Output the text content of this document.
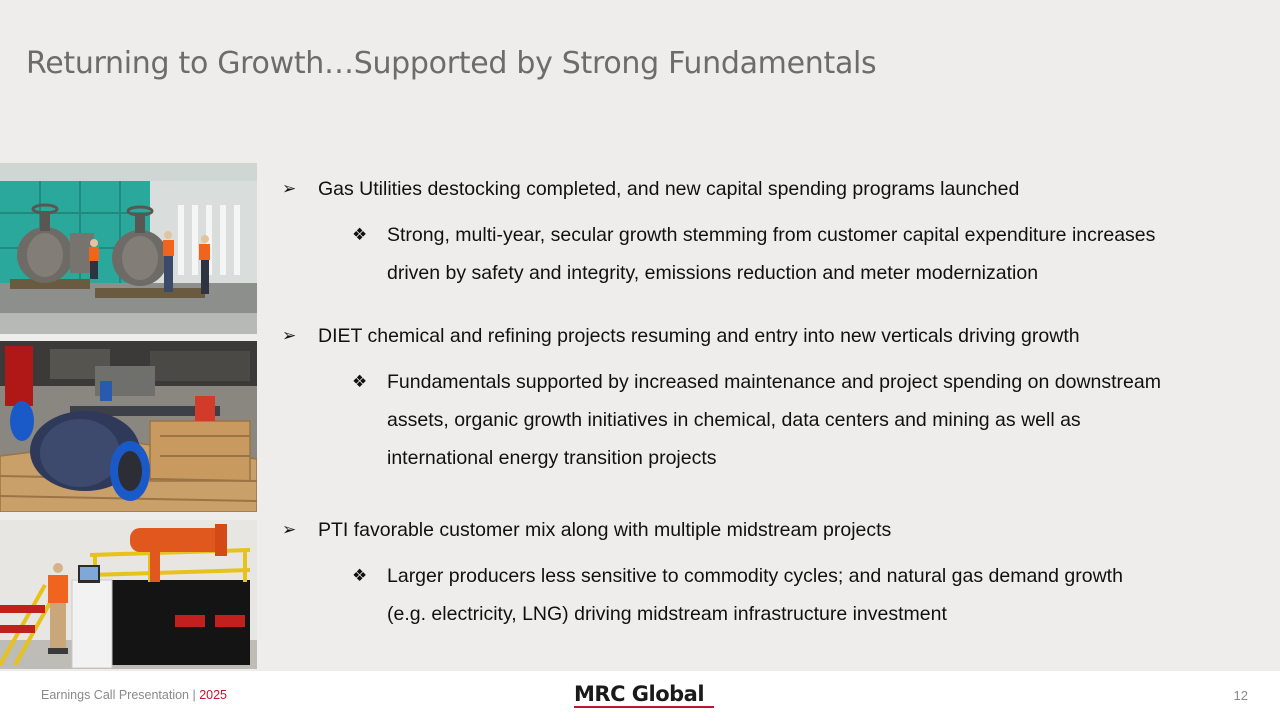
Returning to Growth…Supported by Strong Fundamentals
➢ Gas Utilities destocking completed, and new capital spending programs launched
❖ Strong, multi-year, secular growth stemming from customer capital expenditure increases
driven by safety and integrity, emissions reduction and meter modernization
➢ DIET chemical and refining projects resuming and entry into new verticals driving growth
❖ Fundamentals supported by increased maintenance and project spending on downstream
assets, organic growth initiatives in chemical, data centers and mining as well as
international energy transition projects
➢ PTI favorable customer mix along with multiple midstream projects
❖ Larger producers less sensitive to commodity cycles; and natural gas demand growth
(e.g. electricity, LNG) driving midstream infrastructure investment
Earnings Call Presentation | 2025	MRC Global	12
